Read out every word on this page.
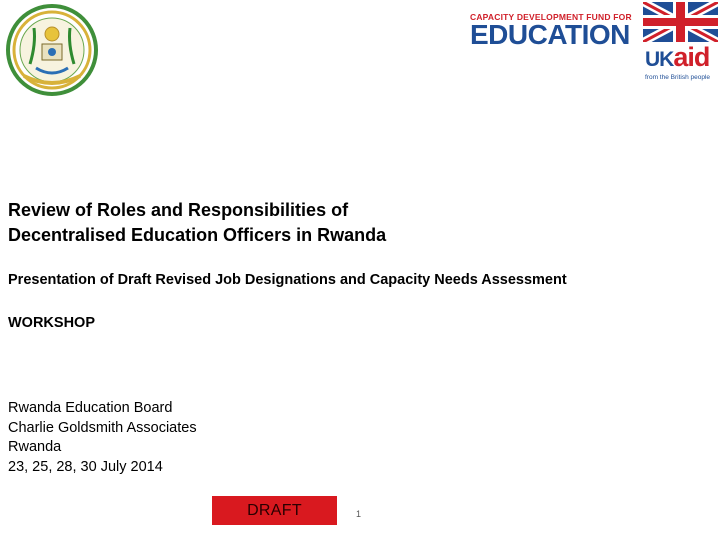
CAPACITY DEVELOPMENT FUND FOR
EDUCATION
UKaid
from the British people
Review of Roles and Responsibilities of
Decentralised Education Officers in Rwanda
Presentation of Draft Revised Job Designations and Capacity Needs Assessment
WORKSHOP
Rwanda Education Board
Charlie Goldsmith Associates
Rwanda
23, 25, 28, 30 July 2014
DRAFT	1
